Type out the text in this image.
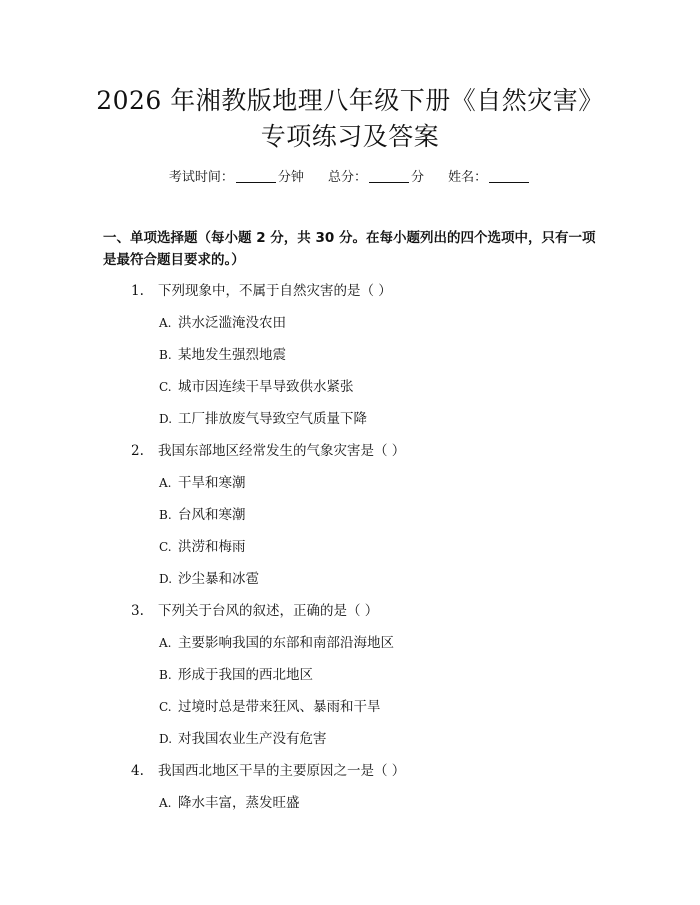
2026 年湘教版地理八年级下册《自然灾害》
专项练习及答案
考试时间：	分钟 总分：	分 姓名：
一、单项选择题（每小题 2 分，共 30 分。在每小题列出的四个选项中，只有一项是最符合题目要求的。）
1. 下列现象中，不属于自然灾害的是（ ）
A. 洪水泛滥淹没农田
B. 某地发生强烈地震
C. 城市因连续干旱导致供水紧张
D. 工厂排放废气导致空气质量下降
2. 我国东部地区经常发生的气象灾害是（ ）
A. 干旱和寒潮
B. 台风和寒潮
C. 洪涝和梅雨
D. 沙尘暴和冰雹
3. 下列关于台风的叙述，正确的是（ ）
A. 主要影响我国的东部和南部沿海地区
B. 形成于我国的西北地区
C. 过境时总是带来狂风、暴雨和干旱
D. 对我国农业生产没有危害
4. 我国西北地区干旱的主要原因之一是（ ）
A. 降水丰富，蒸发旺盛
